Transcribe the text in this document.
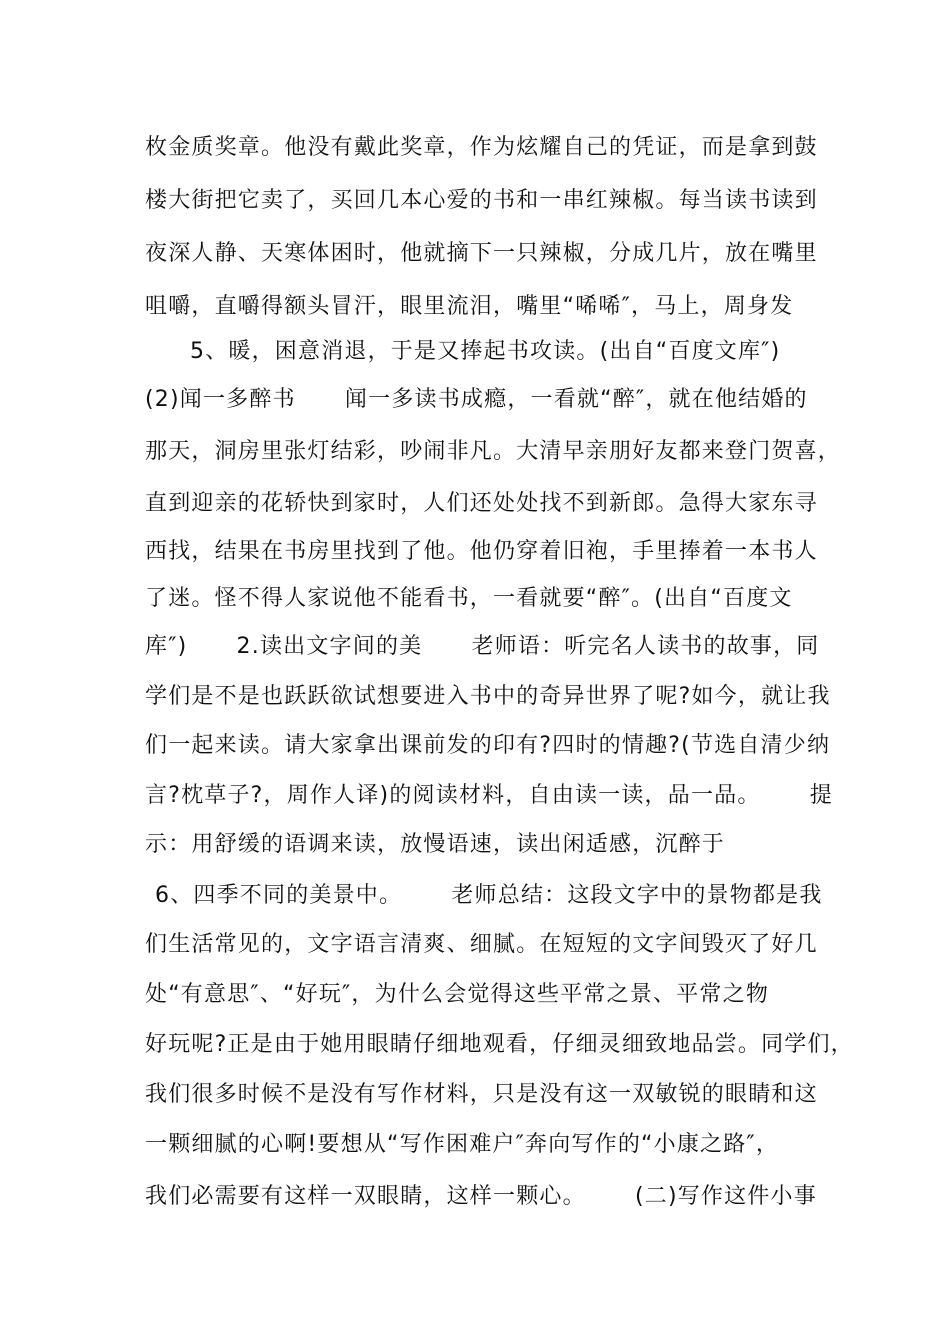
枚金质奖章。他没有戴此奖章，作为炫耀自己的凭证，而是拿到鼓
楼大街把它卖了，买回几本心爱的书和一串红辣椒。每当读书读到
夜深人静、天寒体困时，他就摘下一只辣椒，分成几片，放在嘴里
咀嚼，直嚼得额头冒汗，眼里流泪，嘴里“唏唏″，马上，周身发
5、暖，困意消退，于是又捧起书攻读。(出自“百度文库″)
(2)闻一多醉书      闻一多读书成瘾，一看就“醉″，就在他结婚的
那天，洞房里张灯结彩，吵闹非凡。大清早亲朋好友都来登门贺喜，
直到迎亲的花轿快到家时，人们还处处找不到新郎。急得大家东寻
西找，结果在书房里找到了他。他仍穿着旧袍，手里捧着一本书人
了迷。怪不得人家说他不能看书，一看就要“醉″。(出自“百度文
库″)      2.读出文字间的美      老师语：听完名人读书的故事，同
学们是不是也跃跃欲试想要进入书中的奇异世界了呢?如今，就让我
们一起来读。请大家拿出课前发的印有?四时的情趣?(节选自清少纳
言?枕草子?，周作人译)的阅读材料，自由读一读，品一品。      提
示：用舒缓的语调来读，放慢语速，读出闲适感，沉醉于
6、四季不同的美景中。      老师总结：这段文字中的景物都是我
们生活常见的，文字语言清爽、细腻。在短短的文字间毁灭了好几
处“有意思″、“好玩″，为什么会觉得这些平常之景、平常之物
好玩呢?正是由于她用眼睛仔细地观看，仔细灵细致地品尝。同学们，
我们很多时候不是没有写作材料，只是没有这一双敏锐的眼睛和这
一颗细腻的心啊!要想从“写作困难户″奔向写作的“小康之路″，
我们必需要有这样一双眼睛，这样一颗心。      (二)写作这件小事
